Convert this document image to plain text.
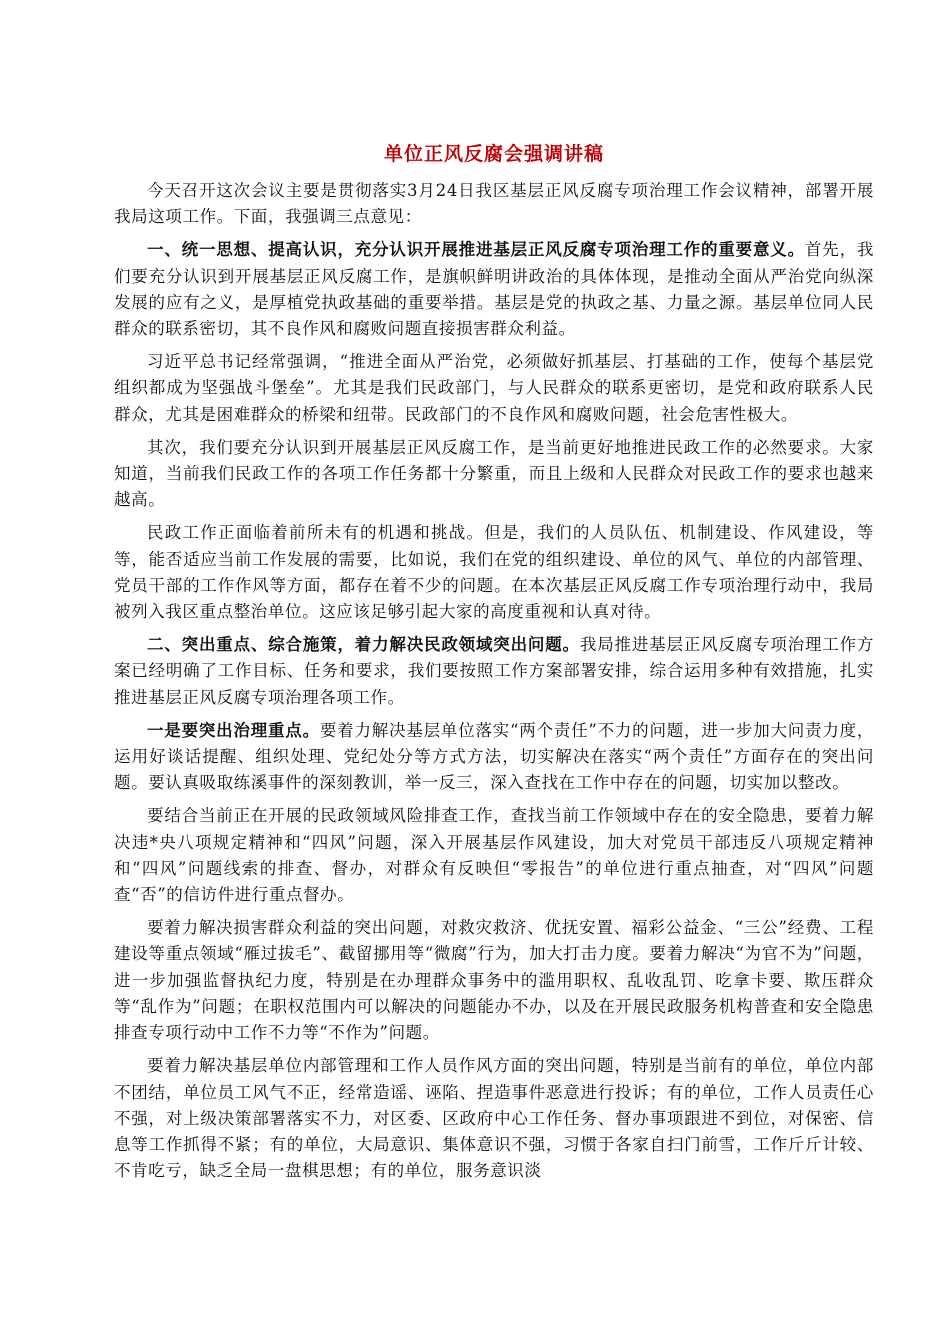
单位正风反腐会强调讲稿

今天召开这次会议主要是贯彻落实3月24日我区基层正风反腐专项治理工作会议精神，部署开展我局这项工作。下面，我强调三点意见：

一、统一思想、提高认识，充分认识开展推进基层正风反腐专项治理工作的重要意义。首先，我们要充分认识到开展基层正风反腐工作，是旗帜鲜明讲政治的具体体现，是推动全面从严治党向纵深发展的应有之义，是厚植党执政基础的重要举措。基层是党的执政之基、力量之源。基层单位同人民群众的联系密切，其不良作风和腐败问题直接损害群众利益。

习近平总书记经常强调，“推进全面从严治党，必须做好抓基层、打基础的工作，使每个基层党组织都成为坚强战斗堡垒”。尤其是我们民政部门，与人民群众的联系更密切，是党和政府联系人民群众，尤其是困难群众的桥梁和纽带。民政部门的不良作风和腐败问题，社会危害性极大。

其次，我们要充分认识到开展基层正风反腐工作，是当前更好地推进民政工作的必然要求。大家知道，当前我们民政工作的各项工作任务都十分繁重，而且上级和人民群众对民政工作的要求也越来越高。

民政工作正面临着前所未有的机遇和挑战。但是，我们的人员队伍、机制建设、作风建设，等等，能否适应当前工作发展的需要，比如说，我们在党的组织建设、单位的风气、单位的内部管理、党员干部的工作作风等方面，都存在着不少的问题。在本次基层正风反腐工作专项治理行动中，我局被列入我区重点整治单位。这应该足够引起大家的高度重视和认真对待。

二、突出重点、综合施策，着力解决民政领域突出问题。我局推进基层正风反腐专项治理工作方案已经明确了工作目标、任务和要求，我们要按照工作方案部署安排，综合运用多种有效措施，扎实推进基层正风反腐专项治理各项工作。

一是要突出治理重点。要着力解决基层单位落实“两个责任”不力的问题，进一步加大问责力度，运用好谈话提醒、组织处理、党纪处分等方式方法，切实解决在落实“两个责任”方面存在的突出问题。要认真吸取练溪事件的深刻教训，举一反三，深入查找在工作中存在的问题，切实加以整改。

要结合当前正在开展的民政领域风险排查工作，查找当前工作领域中存在的安全隐患，要着力解决违*央八项规定精神和“四风”问题，深入开展基层作风建设，加大对党员干部违反八项规定精神和“四风”问题线索的排查、督办，对群众有反映但“零报告”的单位进行重点抽查，对“四风”问题查“否”的信访件进行重点督办。

要着力解决损害群众利益的突出问题，对救灾救济、优抚安置、福彩公益金、“三公”经费、工程建设等重点领域“雁过拔毛”、截留挪用等“微腐”行为，加大打击力度。要着力解决“为官不为”问题，进一步加强监督执纪力度，特别是在办理群众事务中的滥用职权、乱收乱罚、吃拿卡要、欺压群众等“乱作为”问题；在职权范围内可以解决的问题能办不办，以及在开展民政服务机构普查和安全隐患排查专项行动中工作不力等“不作为”问题。

要着力解决基层单位内部管理和工作人员作风方面的突出问题，特别是当前有的单位，单位内部不团结，单位员工风气不正，经常造谣、诬陷、捏造事件恶意进行投诉；有的单位，工作人员责任心不强，对上级决策部署落实不力，对区委、区政府中心工作任务、督办事项跟进不到位，对保密、信息等工作抓得不紧；有的单位，大局意识、集体意识不强，习惯于各家自扫门前雪，工作斤斤计较、不肯吃亏，缺乏全局一盘棋思想；有的单位，服务意识淡
